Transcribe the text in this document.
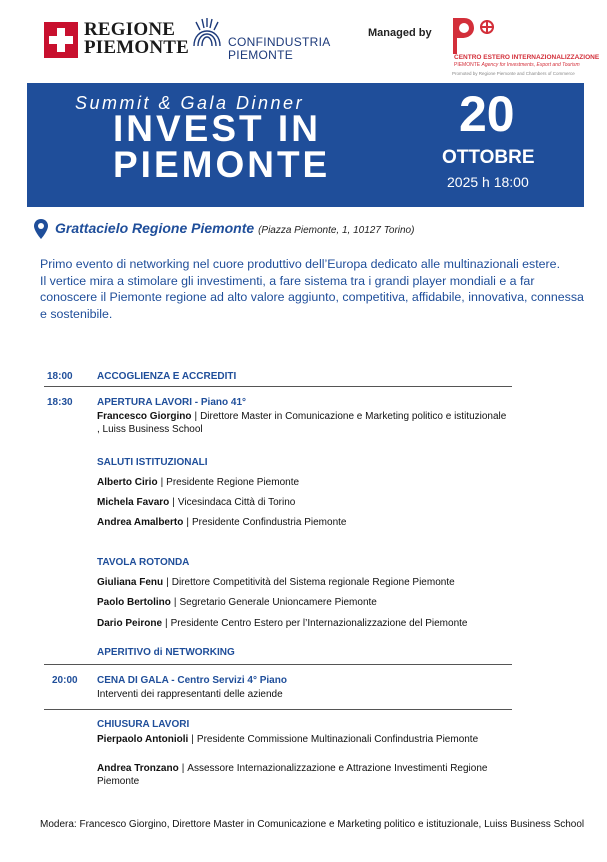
REGIONE
PIEMONTE	CONFINDUSTRIA
PIEMONTE
Managed by
CENTRO ESTERO INTERNAZIONALIZZAZIONE
PIEMONTE Agency for Investments, Export and Tourism
Promoted by Regione Piemonte and Chambers of Commerce
Summit & Gala Dinner
INVEST IN
PIEMONTE
20
OTTOBRE
2025 h 18:00
Grattacielo Regione Piemonte (Piazza Piemonte, 1, 10127 Torino)
Primo evento di networking nel cuore produttivo dell’Europa dedicato alle multinazionali estere.
Il vertice mira a stimolare gli investimenti, a fare sistema tra i grandi player mondiali e a far conoscere il Piemonte regione ad alto valore aggiunto, competitiva, affidabile, innovativa, connessa e sostenibile.
18:00 ACCOGLIENZA E ACCREDITI
18:30 APERTURA LAVORI - Piano 41°
Francesco Giorgino | Direttore Master in Comunicazione e Marketing politico e istituzionale , Luiss Business School
SALUTI ISTITUZIONALI
Alberto Cirio | Presidente Regione Piemonte
Michela Favaro | Vicesindaca Città di Torino
Andrea Amalberto | Presidente Confindustria Piemonte
TAVOLA ROTONDA
Giuliana Fenu | Direttore Competitività del Sistema regionale Regione Piemonte
Paolo Bertolino | Segretario Generale Unioncamere Piemonte
Dario Peirone | Presidente Centro Estero per l’Internazionalizzazione del Piemonte
APERITIVO di NETWORKING
20:00 CENA DI GALA - Centro Servizi 4° Piano
Interventi dei rappresentanti delle aziende
CHIUSURA LAVORI
Pierpaolo Antonioli | Presidente Commissione Multinazionali Confindustria Piemonte
Andrea Tronzano | Assessore Internazionalizzazione e Attrazione Investimenti Regione Piemonte
Modera: Francesco Giorgino, Direttore Master in Comunicazione e Marketing politico e istituzionale, Luiss Business School
